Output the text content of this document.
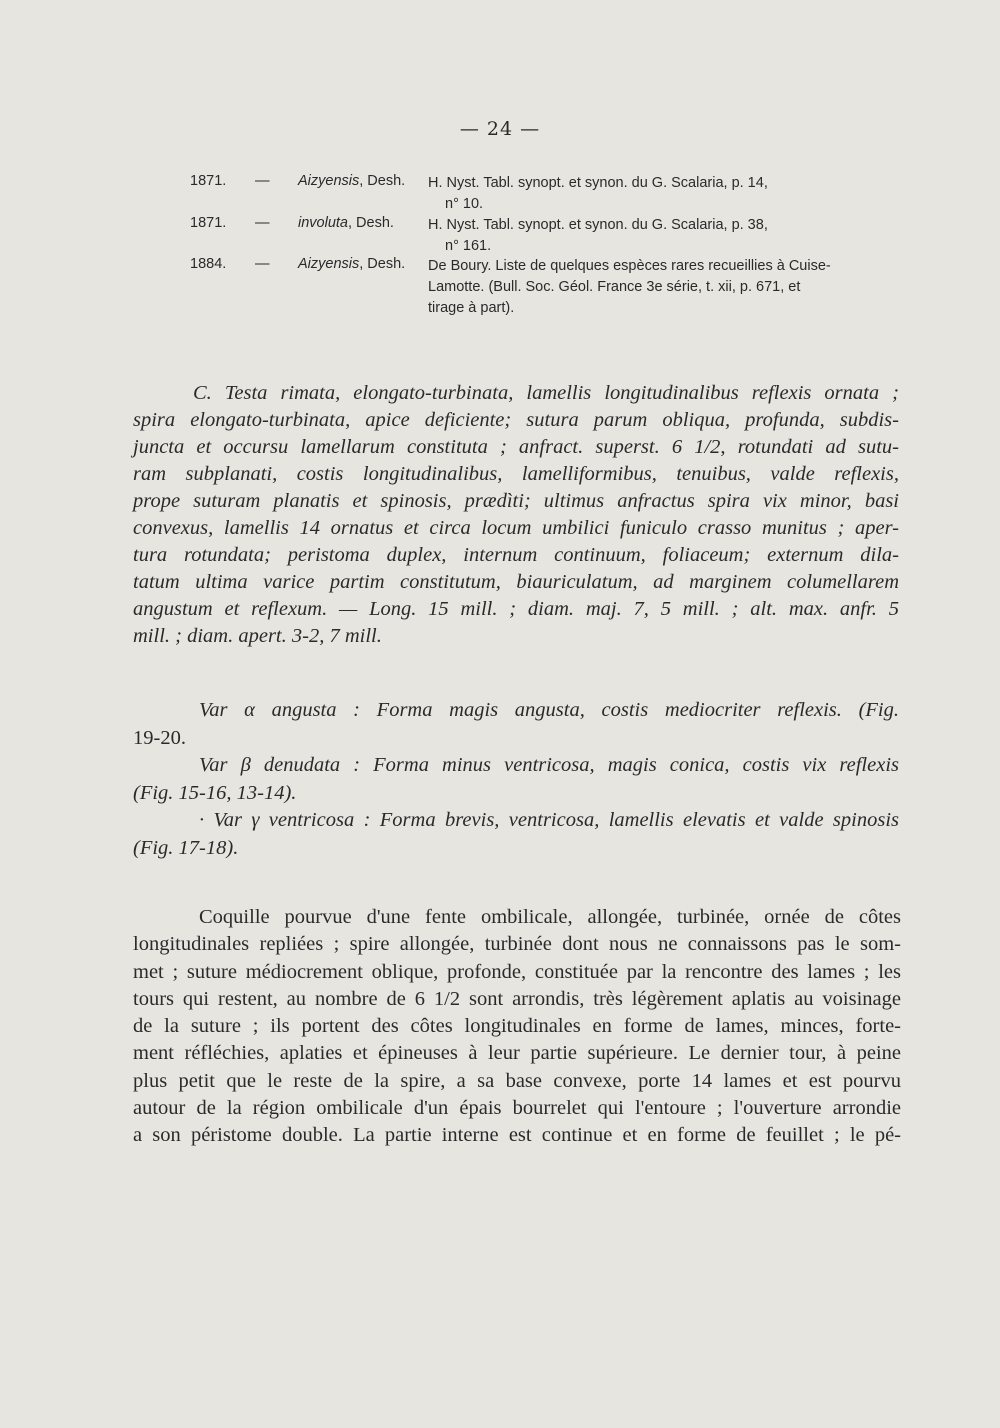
— 24 —
1871. — Aizyensis, Desh. H. Nyst. Tabl. synopt. et synon. du G. Scalaria, p. 14,
n° 10.
1871. — involuta, Desh. H. Nyst. Tabl. synopt. et synon. du G. Scalaria, p. 38,
n° 161.
1884. — Aizyensis, Desh. De Boury. Liste de quelques espèces rares recueillies à Cuise-
Lamotte. (Bull. Soc. Géol. France 3e série, t. xii, p. 671, et
tirage à part).
C. Testa rimata, elongato-turbinata, lamellis longitudinalibus reflexis ornata ;
spira elongato-turbinata, apice deficiente; sutura parum obliqua, profunda, subdis-
juncta et occursu lamellarum constituta ; anfract. superst. 6 1/2, rotundati ad sutu-
ram subplanati, costis longitudinalibus, lamelliformibus, tenuibus, valde reflexis,
prope suturam planatis et spinosis, prædìti; ultimus anfractus spira vix minor, basi
convexus, lamellis 14 ornatus et circa locum umbilici funiculo crasso munitus ; aper-
tura rotundata; peristoma duplex, internum continuum, foliaceum; externum dila-
tatum ultima varice partim constitutum, biauriculatum, ad marginem columellarem
angustum et reflexum. — Long. 15 mill. ; diam. maj. 7, 5 mill. ; alt. max. anfr. 5
mill. ; diam. apert. 3-2, 7 mill.
Var α angusta : Forma magis angusta, costis mediocriter reflexis. (Fig.
19-20.
Var β denudata : Forma minus ventricosa, magis conica, costis vix reflexis
(Fig. 15-16, 13-14).
· Var γ ventricosa : Forma brevis, ventricosa, lamellis elevatis et valde spinosis
(Fig. 17-18).
Coquille pourvue d'une fente ombilicale, allongée, turbinée, ornée de côtes
longitudinales repliées ; spire allongée, turbinée dont nous ne connaissons pas le som-
met ; suture médiocrement oblique, profonde, constituée par la rencontre des lames ; les
tours qui restent, au nombre de 6 1/2 sont arrondis, très légèrement aplatis au voisinage
de la suture ; ils portent des côtes longitudinales en forme de lames, minces, forte-
ment réfléchies, aplaties et épineuses à leur partie supérieure. Le dernier tour, à peine
plus petit que le reste de la spire, a sa base convexe, porte 14 lames et est pourvu
autour de la région ombilicale d'un épais bourrelet qui l'entoure ; l'ouverture arrondie
a son péristome double. La partie interne est continue et en forme de feuillet ; le pé-
